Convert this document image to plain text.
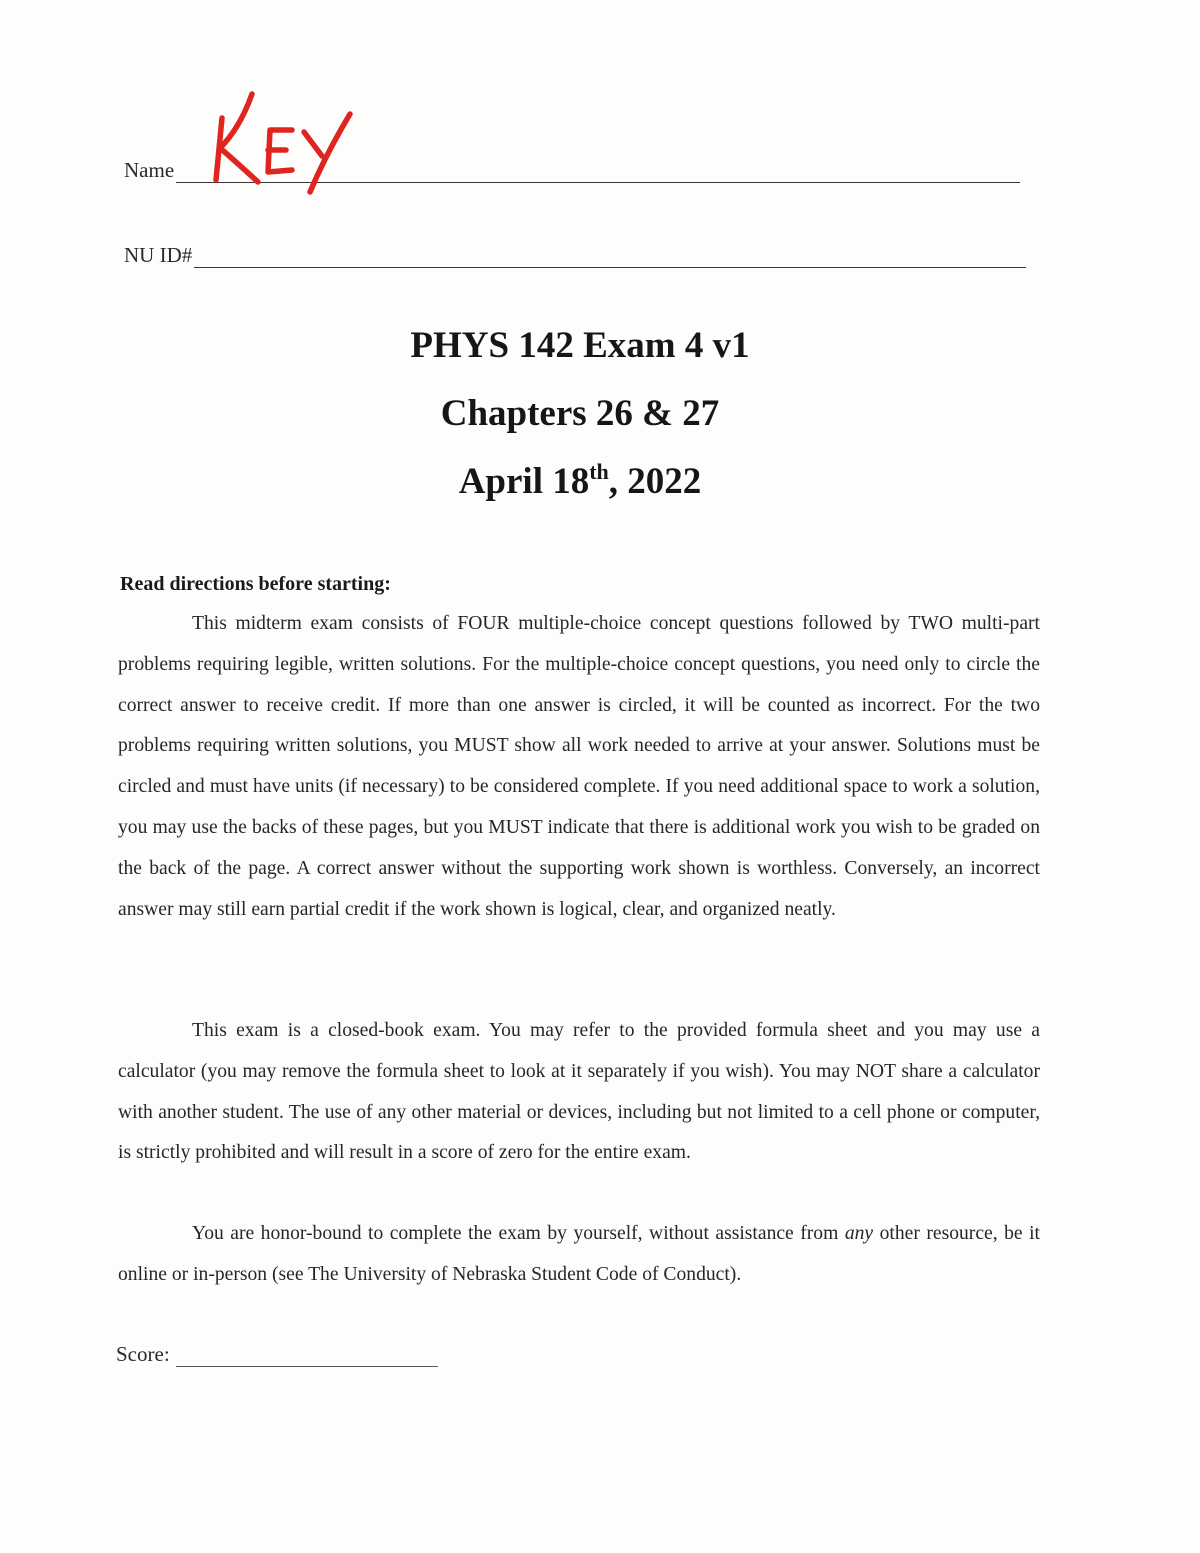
Name
KEY
NU ID#
PHYS 142 Exam 4 v1
Chapters 26 & 27
April 18th, 2022
Read directions before starting:

This midterm exam consists of FOUR multiple-choice concept questions followed by TWO multi-part problems requiring legible, written solutions. For the multiple-choice concept questions, you need only to circle the correct answer to receive credit. If more than one answer is circled, it will be counted as incorrect. For the two problems requiring written solutions, you MUST show all work needed to arrive at your answer. Solutions must be circled and must have units (if necessary) to be considered complete. If you need additional space to work a solution, you may use the backs of these pages, but you MUST indicate that there is additional work you wish to be graded on the back of the page. A correct answer without the supporting work shown is worthless. Conversely, an incorrect answer may still earn partial credit if the work shown is logical, clear, and organized neatly.

This exam is a closed-book exam. You may refer to the provided formula sheet and you may use a calculator (you may remove the formula sheet to look at it separately if you wish). You may NOT share a calculator with another student. The use of any other material or devices, including but not limited to a cell phone or computer, is strictly prohibited and will result in a score of zero for the entire exam.

You are honor-bound to complete the exam by yourself, without assistance from any other resource, be it online or in-person (see The University of Nebraska Student Code of Conduct).

Score:
